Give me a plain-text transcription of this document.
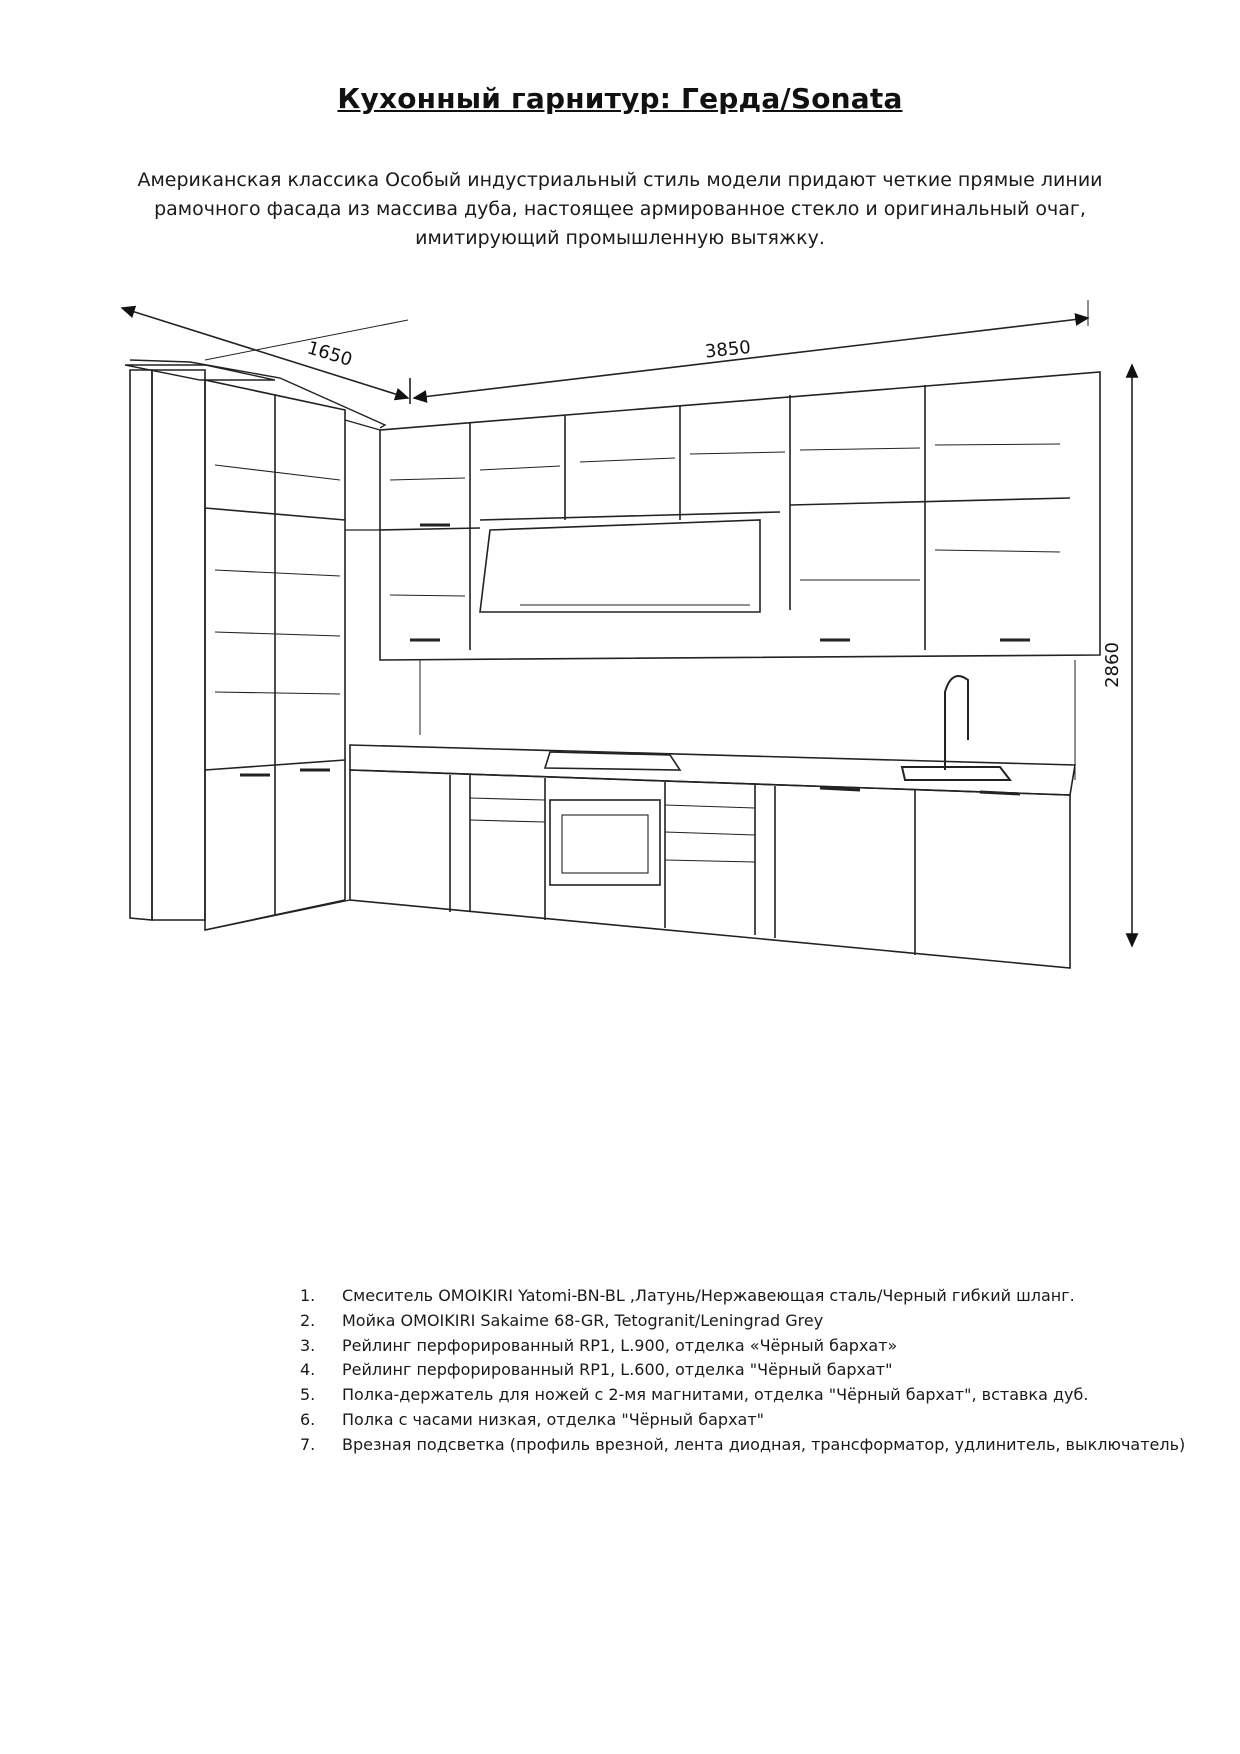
Кухонный гарнитур: Герда/Sonata
Американская классика Особый индустриальный стиль модели придают четкие прямые линии рамочного фасада из массива дуба, настоящее армированное стекло и оригинальный очаг, имитирующий промышленную вытяжку.
1650	3850
2860
1. Смеситель OMOIKIRI Yatomi-BN-BL ,Латунь/Нержавеющая сталь/Черный гибкий шланг.
2. Мойка OMOIKIRI Sakaime 68-GR, Tetogranit/Leningrad Grey
3. Рейлинг перфорированный RP1, L.900, отделка «Чёрный бархат»
4. Рейлинг перфорированный RP1, L.600, отделка "Чёрный бархат"
5. Полка-держатель для ножей с 2-мя магнитами, отделка "Чёрный бархат", вставка дуб.
6. Полка с часами низкая, отделка "Чёрный бархат"
7. Врезная подсветка (профиль врезной, лента диодная, трансформатор, удлинитель, выключатель)
